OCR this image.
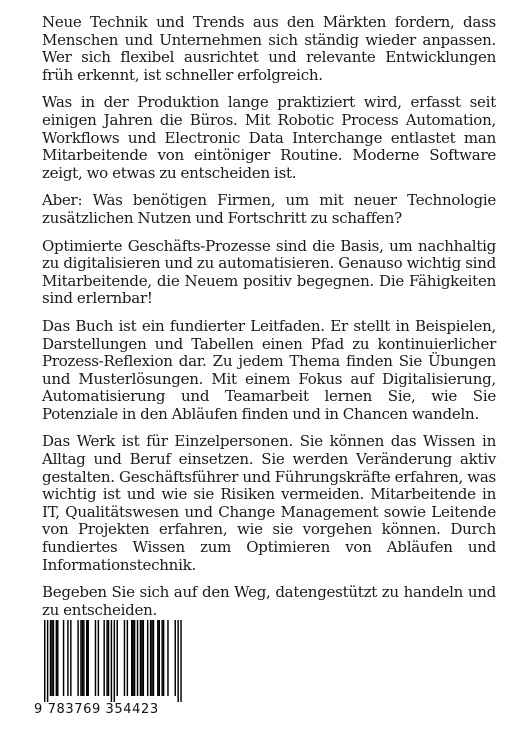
Neue Technik und Trends aus den Märkten fordern, dass Menschen und Unternehmen sich ständig wieder anpassen. Wer sich flexibel ausrichtet und relevante Entwicklungen früh erkennt, ist schneller erfolgreich.

Was in der Produktion lange praktiziert wird, erfasst seit einigen Jahren die Büros. Mit Robotic Process Automation, Workflows und Electronic Data Interchange entlastet man Mitarbeitende von eintöniger Routine. Moderne Software zeigt, wo etwas zu entscheiden ist.

Aber: Was benötigen Firmen, um mit neuer Technologie zusätzlichen Nutzen und Fortschritt zu schaffen?

Optimierte Geschäfts-Prozesse sind die Basis, um nachhaltig zu digitalisieren und zu automatisieren. Genauso wichtig sind Mitarbeitende, die Neuem positiv begegnen. Die Fähigkeiten sind erlernbar!

Das Buch ist ein fundierter Leitfaden. Er stellt in Beispielen, Darstellungen und Tabellen einen Pfad zu kontinuierlicher Prozess-Reflexion dar. Zu jedem Thema finden Sie Übungen und Musterlösungen. Mit einem Fokus auf Digitalisierung, Automatisierung und Teamarbeit lernen Sie, wie Sie Potenziale in den Abläufen finden und in Chancen wandeln.

Das Werk ist für Einzelpersonen. Sie können das Wissen in Alltag und Beruf einsetzen. Sie werden Veränderung aktiv gestalten. Geschäftsführer und Führungskräfte erfahren, was wichtig ist und wie sie Risiken vermeiden. Mitarbeitende in IT, Qualitätswesen und Change Management sowie Leitende von Projekten erfahren, wie sie vorgehen können. Durch fundiertes Wissen zum Optimieren von Abläufen und Informationstechnik.

Begeben Sie sich auf den Weg, datengestützt zu handeln und zu entscheiden.

9 783769 354423
